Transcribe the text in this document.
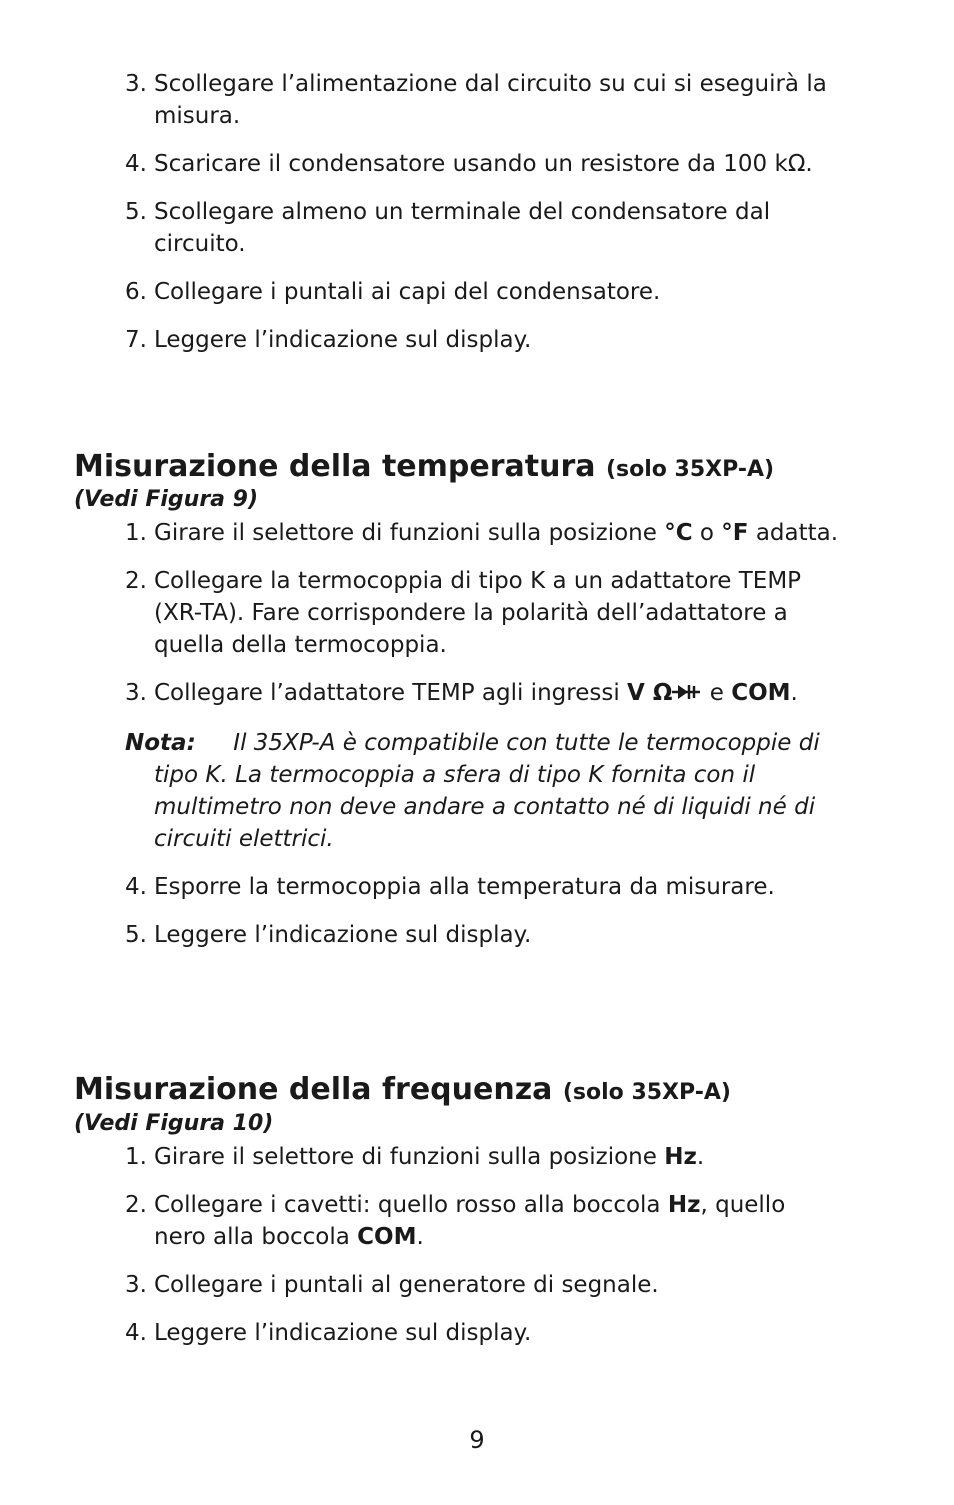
3. Scollegare l’alimentazione dal circuito su cui si eseguirà la misura.
4. Scaricare il condensatore usando un resistore da 100 kΩ.
5. Scollegare almeno un terminale del condensatore dal circuito.
6. Collegare i puntali ai capi del condensatore.
7. Leggere l’indicazione sul display.
Misurazione della temperatura (solo 35XP-A)
(Vedi Figura 9)
1. Girare il selettore di funzioni sulla posizione °C o °F adatta.
2. Collegare la termocoppia di tipo K a un adattatore TEMP (XR-TA). Fare corrispondere la polarità dell’adattatore a quella della termocoppia.
3. Collegare l’adattatore TEMP agli ingressi V Ω e COM.
Nota: Il 35XP-A è compatibile con tutte le termocoppie di tipo K. La termocoppia a sfera di tipo K fornita con il multimetro non deve andare a contatto né di liquidi né di circuiti elettrici.
4. Esporre la termocoppia alla temperatura da misurare.
5. Leggere l’indicazione sul display.
Misurazione della frequenza (solo 35XP-A)
(Vedi Figura 10)
1. Girare il selettore di funzioni sulla posizione Hz.
2. Collegare i cavetti: quello rosso alla boccola Hz, quello nero alla boccola COM.
3. Collegare i puntali al generatore di segnale.
4. Leggere l’indicazione sul display.
9
